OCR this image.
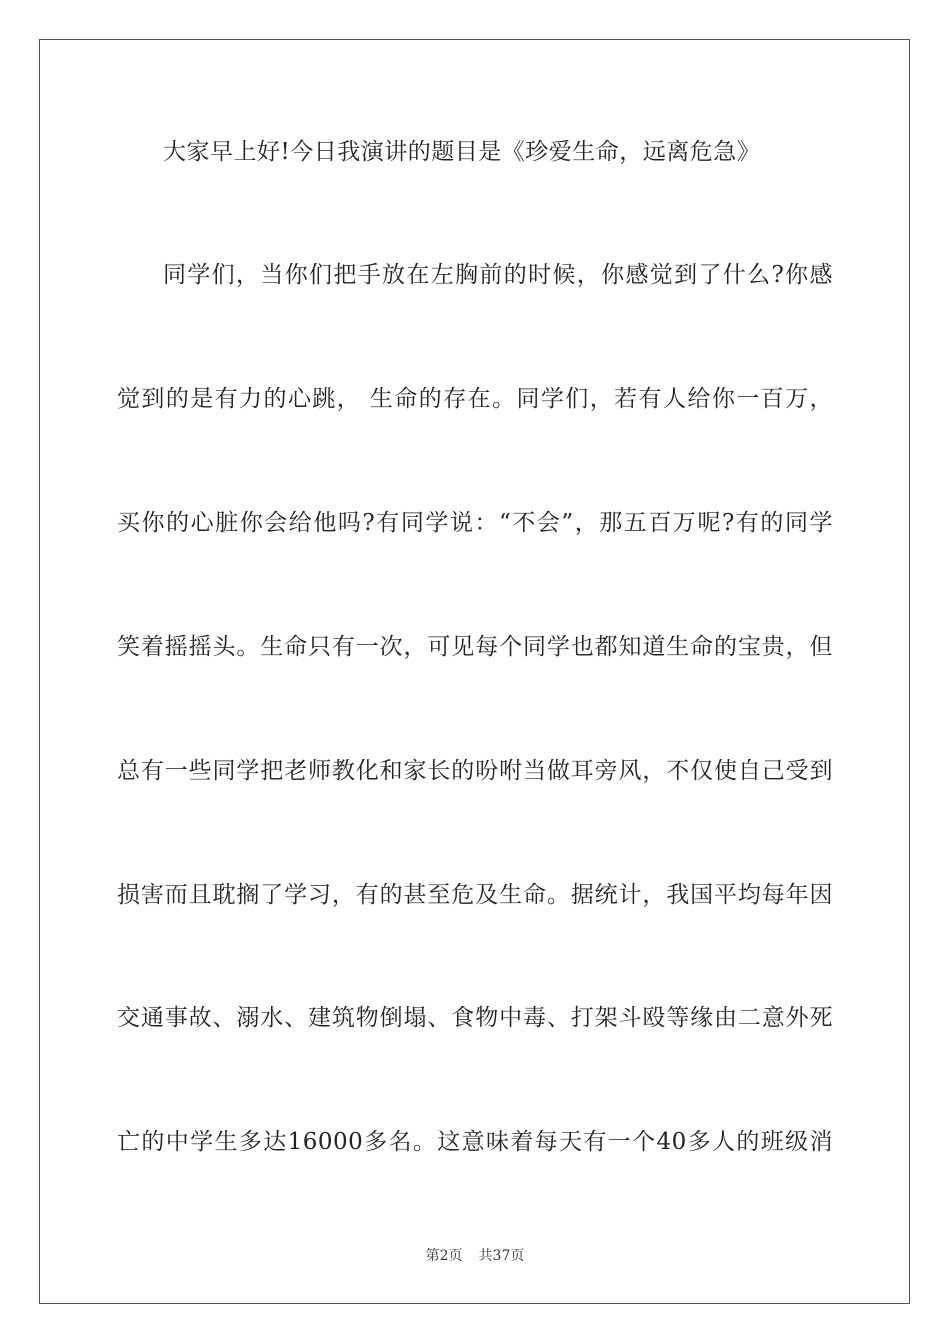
大家早上好!今日我演讲的题目是《珍爱生命，远离危急》
同学们，当你们把手放在左胸前的时候，你感觉到了什么?你感
觉到的是有力的心跳， 生命的存在。同学们，若有人给你一百万，
买你的心脏你会给他吗?有同学说：“不会”，那五百万呢?有的同学
笑着摇摇头。生命只有一次，可见每个同学也都知道生命的宝贵，但
总有一些同学把老师教化和家长的吩咐当做耳旁风，不仅使自己受到
损害而且耽搁了学习，有的甚至危及生命。据统计，我国平均每年因
交通事故、溺水、建筑物倒塌、食物中毒、打架斗殴等缘由二意外死
亡的中学生多达16000多名。这意味着每天有一个40多人的班级消
第2页 共37页
